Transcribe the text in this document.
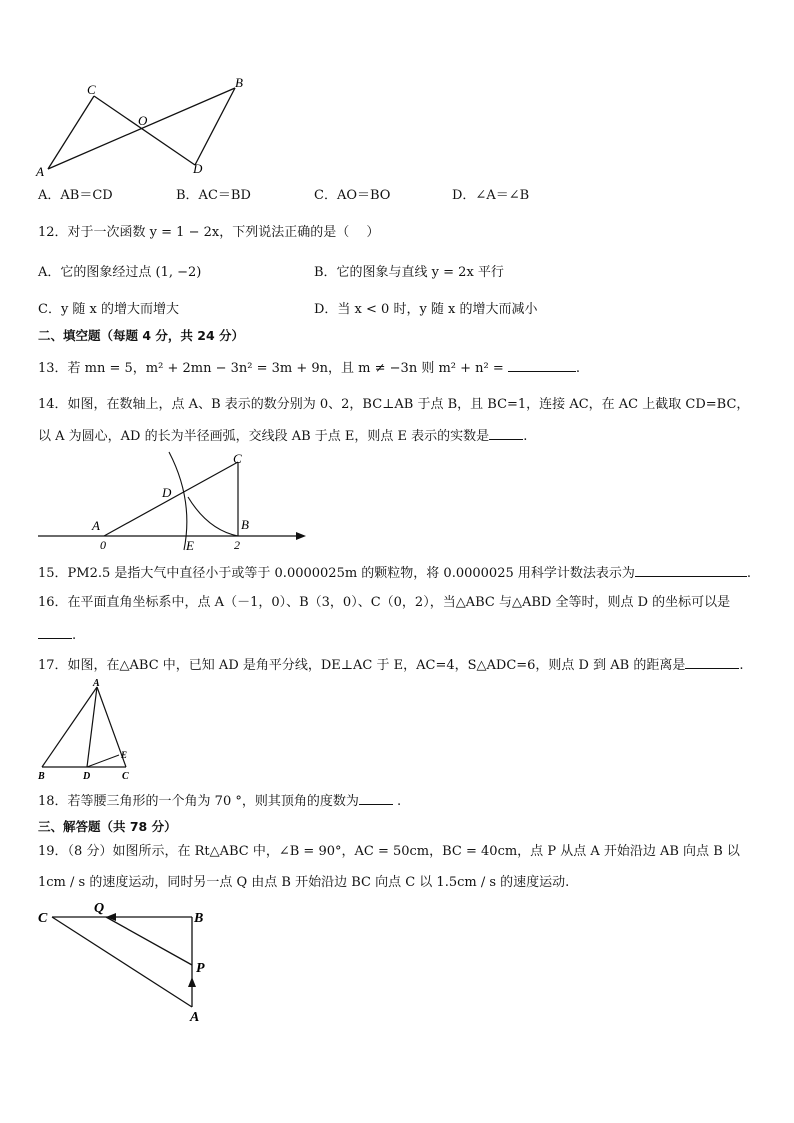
C	B
O
A	D
A．AB＝CD	B．AC＝BD	C．AO＝BO	D．∠A＝∠B
12．对于一次函数 y = 1 − 2x，下列说法正确的是（　 ）
A．它的图象经过点 (1, −2)	B．它的图象与直线 y = 2x 平行
C．y 随 x 的增大而增大	D．当 x < 0 时，y 随 x 的增大而减小
二、填空题（每题 4 分，共 24 分）
13．若 mn = 5，m² + 2mn − 3n² = 3m + 9n，且 m ≠ −3n 则 m² + n² =	.
14．如图，在数轴上，点 A、B 表示的数分别为 0、2，BC⊥AB 于点 B，且 BC=1，连接 AC，在 AC 上截取 CD=BC，
以 A 为圆心，AD 的长为半径画弧，交线段 AB 于点 E，则点 E 表示的实数是	.
C
D
A	B
E
0	2
15．PM2.5 是指大气中直径小于或等于 0.0000025m 的颗粒物，将 0.0000025 用科学计数法表示为	.
16．在平面直角坐标系中，点 A（－1，0）、B（3，0）、C（0，2），当△ABC 与△ABD 全等时，则点 D 的坐标可以是
.
17．如图，在△ABC 中，已知 AD 是角平分线，DE⊥AC 于 E，AC=4，S△ADC=6，则点 D 到 AB 的距离是	.
A
B	D	C
E
18．若等腰三角形的一个角为 70 °，则其顶角的度数为	.
三、解答题（共 78 分）
19．（8 分）如图所示，在 Rt△ABC 中，∠B = 90°，AC = 50cm，BC = 40cm，点 P 从点 A 开始沿边 AB 向点 B 以
1cm / s 的速度运动，同时另一点 Q 由点 B 开始沿边 BC 向点 C 以 1.5cm / s 的速度运动.
C
Q
B
P
A
